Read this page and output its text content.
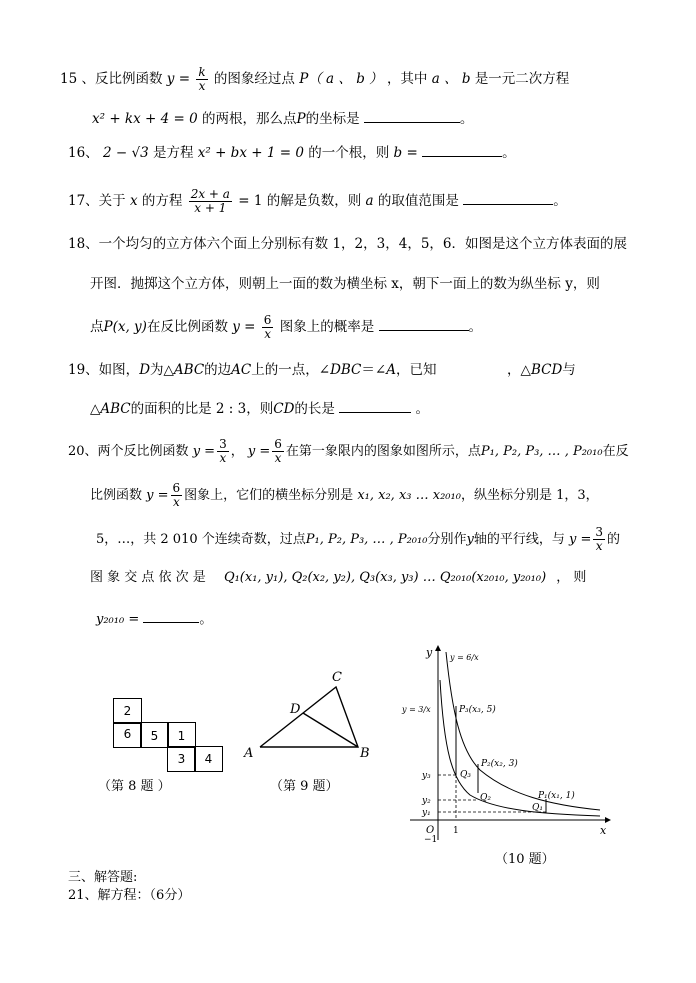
15 、反比例函数 $y = \frac{k}{x}$ 的图象经过点 P（ a 、 b ） ，其中 a 、 b 是一元二次方程
x² + kx + 4 = 0 的两根，那么点P的坐标是	。
16、 2 − √3 是方程 x² + bx + 1 = 0 的一个根，则 b =	。
17、关于 x 的方程 $\frac{2x + a}{x + 1} = 1$ 的解是负数，则 a 的取值范围是	。
18、一个均匀的立方体六个面上分别标有数 1，2，3，4，5，6．如图是这个立方体表面的展
开图．抛掷这个立方体，则朝上一面的数为横坐标 x，朝下一面上的数为纵坐标 y，则
点P(x, y)在反比例函数 $y = \frac{6}{x}$ 图象上的概率是	。
19、如图，D为△ABC的边AC上的一点，∠DBC＝∠A，已知	，△BCD与
△ABC的面积的比是 2 : 3，则CD的长是	。
20、两个反比例函数 $y = \frac{3}{x}$ ， $y = \frac{6}{x}$ 在第一象限内的图象如图所示，点P₁, P₂, P₃, … , P₂₀₁₀在反
比例函数 $y = \frac{6}{x}$ 图象上，它们的横坐标分别是 x₁, x₂, x₃ … x₂₀₁₀，纵坐标分别是 1，3，
5，…，共 2 010 个连续奇数，过点P₁, P₂, P₃, … , P₂₀₁₀分别作y轴的平行线，与 $y = \frac{3}{x}$ 的
图 象 交 点 依 次 是 Q₁(x₁, y₁), Q₂(x₂, y₂), Q₃(x₃, y₃) … Q₂₀₁₀(x₂₀₁₀, y₂₀₁₀) ， 则
y₂₀₁₀ =	。
2
6	5	1
3	4
（第 8 题 ）
A	B
C
D
（第 9 题）
y
x
O
−1
1
y = 6/x
y = 3/x	P₃(x₃, 5)
P₂(x₂, 3)
P₁(x₁, 1)
Q₃
Q₂
Q₁
y₃
y₂
y₁
（10 题）
三、解答题:
21、解方程：（6分）
